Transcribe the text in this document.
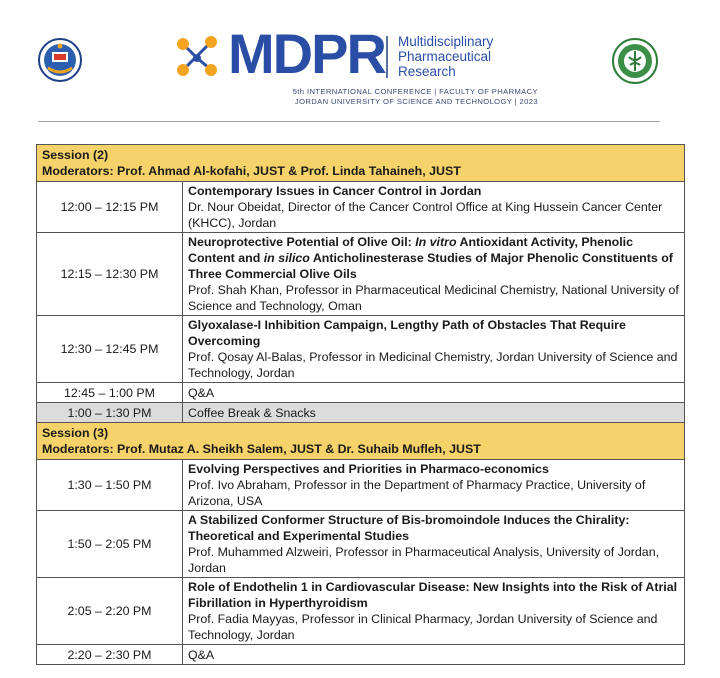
MDPR Multidisciplinary
Pharmaceutical
Research
5th INTERNATIONAL CONFERENCE | FACULTY OF PHARMACY
JORDAN UNIVERSITY OF SCIENCE AND TECHNOLOGY | 2023
Session (2)
Moderators: Prof. Ahmad Al-kofahi, JUST & Prof. Linda Tahaineh, JUST	

12:00 – 12:15 PM	Contemporary Issues in Cancer Control in Jordan
Dr. Nour Obeidat, Director of the Cancer Control Office at King Hussein Cancer Center (KHCC), Jordan

12:15 – 12:30 PM	Neuroprotective Potential of Olive Oil: In vitro Antioxidant Activity, Phenolic Content and in silico Anticholinesterase Studies of Major Phenolic Constituents of Three Commercial Olive Oils
Prof. Shah Khan, Professor in Pharmaceutical Medicinal Chemistry, National University of Science and Technology, Oman

12:30 – 12:45 PM	Glyoxalase-I Inhibition Campaign, Lengthy Path of Obstacles That Require Overcoming
Prof. Qosay Al-Balas, Professor in Medicinal Chemistry, Jordan University of Science and Technology, Jordan

12:45 – 1:00 PM	Q&A
1:00 – 1:30 PM	Coffee Break & Snacks

Session (3)
Moderators: Prof. Mutaz A. Sheikh Salem, JUST & Dr. Suhaib Mufleh, JUST	

1:30 – 1:50 PM	Evolving Perspectives and Priorities in Pharmaco-economics
Prof. Ivo Abraham, Professor in the Department of Pharmacy Practice, University of Arizona, USA

1:50 – 2:05 PM	A Stabilized Conformer Structure of Bis-bromoindole Induces the Chirality: Theoretical and Experimental Studies
Prof. Muhammed Alzweiri, Professor in Pharmaceutical Analysis, University of Jordan, Jordan

2:05 – 2:20 PM	Role of Endothelin 1 in Cardiovascular Disease: New Insights into the Risk of Atrial Fibrillation in Hyperthyroidism
Prof. Fadia Mayyas, Professor in Clinical Pharmacy, Jordan University of Science and Technology, Jordan

2:20 – 2:30 PM	Q&A
